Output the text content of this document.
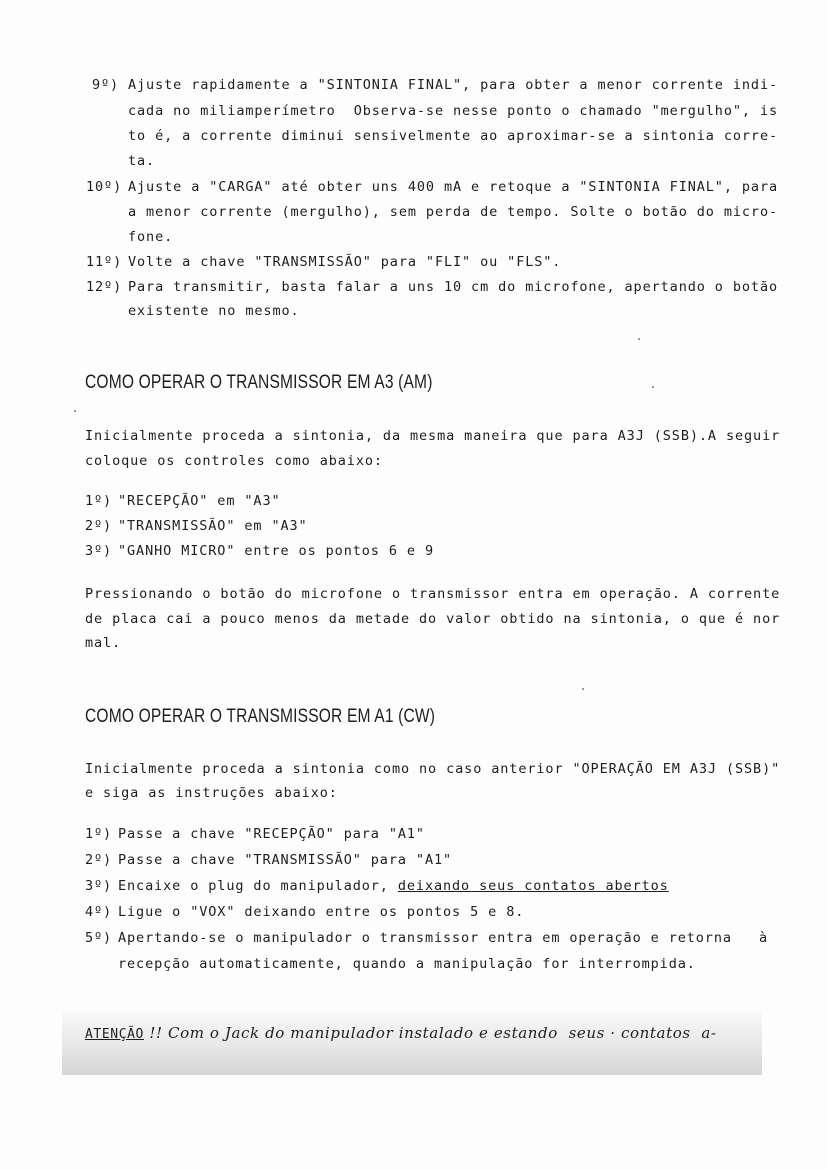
9º) Ajuste rapidamente a "SINTONIA FINAL", para obter a menor corrente indi-
cada no miliamperímetro  Observa-se nesse ponto o chamado "mergulho", is
to é, a corrente diminui sensivelmente ao aproximar-se a sintonia corre-
ta.
10º) Ajuste a "CARGA" até obter uns 400 mA e retoque a "SINTONIA FINAL", para
a menor corrente (mergulho), sem perda de tempo. Solte o botão do micro-
fone.
11º) Volte a chave "TRANSMISSÃO" para "FLI" ou "FLS".
12º) Para transmitir, basta falar a uns 10 cm do microfone, apertando o botão
existente no mesmo.
COMO OPERAR O TRANSMISSOR EM A3 (AM)
Inicialmente proceda a sintonia, da mesma maneira que para A3J (SSB).A seguir
coloque os controles como abaixo:
1º) "RECEPÇÃO" em "A3"
2º) "TRANSMISSÃO" em "A3"
3º) "GANHO MICRO" entre os pontos 6 e 9
Pressionando o botão do microfone o transmissor entra em operação. A corrente
de placa cai a pouco menos da metade do valor obtido na sintonia, o que é nor
mal.
COMO OPERAR O TRANSMISSOR EM A1 (CW)
Inicialmente proceda a sintonia como no caso anterior "OPERAÇÃO EM A3J (SSB)"
e siga as instruções abaixo:
1º) Passe a chave "RECEPÇÃO" para "A1"
2º) Passe a chave "TRANSMISSÃO" para "A1"
3º) Encaixe o plug do manipulador, deixando seus contatos abertos
4º) Ligue o "VOX" deixando entre os pontos 5 e 8.
5º) Apertando-se o manipulador o transmissor entra em operação e retorna   à
recepção automaticamente, quando a manipulação for interrompida.
ATENÇÃO !! Com o Jack do manipulador instalado e estando  seus · contatos  a-
